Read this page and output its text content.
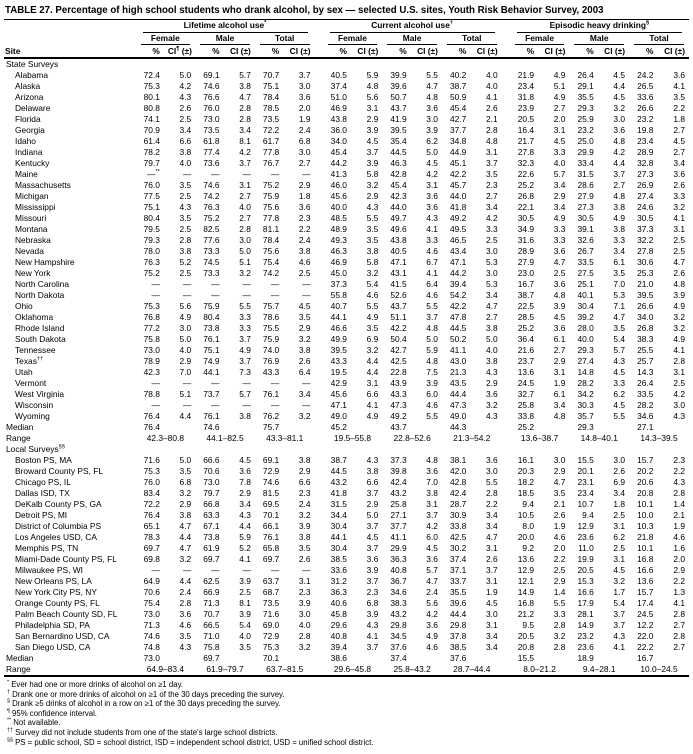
TABLE 27. Percentage of high school students who drank alcohol, by sex — selected U.S. sites, Youth Risk Behavior Survey, 2003

	Lifetime alcohol use*							Current alcohol use†							Episodic heavy drinking§

	Female		Male		Total			Female		Male		Total			Female		Male		Total	

Site	%	CI¶ (±)	%	CI (±)	%	CI (±)		%	CI (±)	%	CI (±)	%	CI (±)		%	CI (±)	%	CI (±)	%	CI (±)
State Surveys																				
Alabama	72.4	5.0	69.1	5.7	70.7	3.7		40.5	5.9	39.9	5.5	40.2	4.0		21.9	4.9	26.4	4.5	24.2	3.6
Alaska	75.3	4.2	74.6	3.8	75.1	3.0		37.4	4.8	39.6	4.7	38.7	4.0		23.4	5.1	29.1	4.4	26.5	4.1
Arizona	80.1	4.3	76.6	4.7	78.4	3.6		51.0	5.6	50.7	4.8	50.9	4.1		31.8	4.9	35.5	4.5	33.6	3.5
Delaware	80.8	2.6	76.0	2.8	78.5	2.0		46.9	3.1	43.7	3.6	45.4	2.6		23.9	2.7	29.3	3.2	26.6	2.2
Florida	74.1	2.5	73.0	2.8	73.5	1.9		43.8	2.9	41.9	3.0	42.7	2.1		20.5	2.0	25.9	3.0	23.2	1.8
Georgia	70.9	3.4	73.5	3.4	72.2	2.4		36.0	3.9	39.5	3.9	37.7	2.8		16.4	3.1	23.2	3.6	19.8	2.7
Idaho	61.4	6.6	61.8	8.1	61.7	6.8		34.0	4.5	35.4	6.2	34.8	4.8		21.7	4.5	25.0	4.8	23.4	4.5
Indiana	78.2	3.8	77.4	4.2	77.8	3.0		45.4	3.7	44.5	5.0	44.9	3.1		27.8	3.3	29.9	4.2	28.9	2.7
Kentucky	79.7	4.0	73.6	3.7	76.7	2.7		44.2	3.9	46.3	4.5	45.1	3.7		32.3	4.0	33.4	4.4	32.8	3.4
Maine	—**	—	—	—	—	—		41.3	5.8	42.8	4.2	42.2	3.5		22.6	5.7	31.5	3.7	27.3	3.6
Massachusetts	76.0	3.5	74.6	3.1	75.2	2.9		46.0	3.2	45.4	3.1	45.7	2.3		25.2	3.4	28.6	2.7	26.9	2.6
Michigan	77.5	2.5	74.2	2.7	75.9	1.8		45.6	2.9	42.3	3.6	44.0	2.7		26.8	2.9	27.9	4.8	27.4	3.3
Mississippi	75.1	4.3	76.3	4.0	75.6	3.6		40.0	4.3	44.0	3.6	41.8	3.4		22.1	3.4	27.3	3.8	24.6	3.2
Missouri	80.4	3.5	75.2	2.7	77.8	2.3		48.5	5.5	49.7	4.3	49.2	4.2		30.5	4.9	30.5	4.9	30.5	4.1
Montana	79.5	2.5	82.5	2.8	81.1	2.2		48.9	3.5	49.6	4.1	49.5	3.3		34.9	3.3	39.1	3.8	37.3	3.1
Nebraska	79.3	2.8	77.6	3.0	78.4	2.4		49.3	3.5	43.8	3.3	46.5	2.5		31.6	3.3	32.6	3.3	32.2	2.5
Nevada	78.0	3.8	73.3	5.0	75.6	3.8		46.3	3.8	40.5	4.6	43.4	3.0		28.9	3.6	26.7	3.4	27.8	2.5
New Hampshire	76.3	5.2	74.5	5.1	75.4	4.6		46.9	5.8	47.1	6.7	47.1	5.3		27.9	4.7	33.5	6.1	30.6	4.7
New York	75.2	2.5	73.3	3.2	74.2	2.5		45.0	3.2	43.1	4.1	44.2	3.0		23.0	2.5	27.5	3.5	25.3	2.6
North Carolina	—	—	—	—	—	—		37.3	5.4	41.5	6.4	39.4	5.3		16.7	3.6	25.1	7.0	21.0	4.8
North Dakota	—	—	—	—	—	—		55.8	4.6	52.6	4.6	54.2	3.4		38.7	4.8	40.1	5.3	39.5	3.9
Ohio	75.3	5.6	75.9	5.5	75.7	4.5		40.7	5.5	43.7	5.5	42.2	4.7		22.5	3.9	30.4	7.1	26.6	4.9
Oklahoma	76.8	4.9	80.4	3.3	78.6	3.5		44.1	4.9	51.1	3.7	47.8	2.7		28.5	4.5	39.2	4.7	34.0	3.2
Rhode Island	77.2	3.0	73.8	3.3	75.5	2.9		46.6	3.5	42.2	4.8	44.5	3.8		25.2	3.6	28.0	3.5	26.8	3.2
South Dakota	75.8	5.0	76.1	3.7	75.9	3.2		49.9	6.9	50.4	5.0	50.2	5.0		36.4	6.1	40.0	5.4	38.3	4.9
Tennessee	73.0	4.0	75.1	4.9	74.0	3.8		39.5	3.2	42.7	5.9	41.1	4.0		21.6	2.7	29.3	5.7	25.5	4.1
Texas††	78.9	2.9	74.9	3.7	76.9	2.6		43.3	4.4	42.5	4.8	43.0	3.8		23.7	2.9	27.4	4.3	25.7	2.8
Utah	42.3	7.0	44.1	7.3	43.3	6.4		19.5	4.4	22.8	7.5	21.3	4.3		13.6	3.1	14.8	4.5	14.3	3.1
Vermont	—	—	—	—	—	—		42.9	3.1	43.9	3.9	43.5	2.9		24.5	1.9	28.2	3.3	26.4	2.5
West Virginia	78.8	5.1	73.7	5.7	76.1	3.4		45.6	6.6	43.3	6.0	44.4	3.6		32.7	6.1	34.2	6.2	33.5	4.2
Wisconsin	—	—	—	—	—	—		47.1	4.1	47.3	4.6	47.3	3.2		25.8	3.4	30.3	4.5	28.2	3.0
Wyoming	76.4	4.4	76.1	3.8	76.2	3.2		49.0	4.9	49.2	5.5	49.0	4.3		33.8	4.8	35.7	5.5	34.6	4.3
Median	76.4		74.6		75.7			45.2		43.7		44.3			25.2		29.3		27.1	
Range	42.3–80.8		44.1–82.5		43.3–81.1			19.5–55.8		22.8–52.6		21.3–54.2			13.6–38.7		14.8–40.1		14.3–39.5	
Local Surveys§§
Boston PS, MA	71.6	5.0	66.6	4.5	69.1	3.8		38.7	4.3	37.3	4.8	38.1	3.6		16.1	3.0	15.5	3.0	15.7	2.3
Broward County PS, FL	75.3	3.5	70.6	3.6	72.9	2.9		44.5	3.8	39.8	3.6	42.0	3.0		20.3	2.9	20.1	2.6	20.2	2.2
Chicago PS, IL	76.0	6.8	73.0	7.8	74.6	6.6		43.2	6.6	42.4	7.0	42.8	5.5		18.2	4.7	23.1	6.9	20.6	4.3
Dallas ISD, TX	83.4	3.2	79.7	2.9	81.5	2.3		41.8	3.7	43.2	3.8	42.4	2.8		18.5	3.5	23.4	3.4	20.8	2.8
DeKalb County PS, GA	72.2	2.9	66.8	3.4	69.5	2.4		31.5	2.9	25.8	3.1	28.7	2.2		9.4	2.1	10.7	1.8	10.1	1.4
Detroit PS, MI	76.4	3.8	63.3	4.3	70.1	3.2		34.4	5.0	27.1	3.7	30.9	3.4		10.5	2.6	9.4	2.5	10.0	2.1
District of Columbia PS	65.1	4.7	67.1	4.4	66.1	3.9		30.4	3.7	37.7	4.2	33.8	3.4		8.0	1.9	12.9	3.1	10.3	1.9
Los Angeles USD, CA	78.3	4.4	73.8	5.9	76.1	3.8		44.1	4.5	41.1	6.0	42.5	4.7		20.0	4.6	23.6	6.2	21.8	4.6
Memphis PS, TN	69.7	4.7	61.9	5.2	65.8	3.5		30.4	3.7	29.9	4.5	30.2	3.1		9.2	2.0	11.0	2.5	10.1	1.6
Miami-Dade County PS, FL	69.8	3.2	69.7	4.1	69.7	2.6		38.5	3.6	36.3	3.6	37.4	2.6		13.6	2.2	19.9	3.1	16.8	2.0
Milwaukee PS, WI	—	—	—	—	—	—		33.6	3.9	40.8	5.7	37.1	3.7		12.9	2.5	20.5	4.5	16.6	2.9
New Orleans PS, LA	64.9	4.4	62.5	3.9	63.7	3.1		31.2	3.7	36.7	4.7	33.7	3.1		12.1	2.9	15.3	3.2	13.6	2.2
New York City PS, NY	70.6	2.4	66.9	2.5	68.7	2.3		36.3	2.3	34.6	2.4	35.5	1.9		14.9	1.4	16.6	1.7	15.7	1.3
Orange County PS, FL	75.4	2.8	71.3	8.1	73.5	3.9		40.6	6.8	38.3	5.6	39.6	4.5		16.8	5.5	17.9	5.4	17.4	4.1
Palm Beach County SD, FL	73.0	3.6	70.7	3.9	71.6	3.0		45.8	3.9	43.2	4.2	44.4	3.0		21.2	3.3	28.1	3.7	24.5	2.8
Philadelphia SD, PA	71.3	4.6	66.5	5.4	69.0	4.0		29.6	4.3	29.8	3.6	29.8	3.1		9.5	2.8	14.9	3.7	12.2	2.7
San Bernardino USD, CA	74.6	3.5	71.0	4.0	72.9	2.8		40.8	4.1	34.5	4.9	37.8	3.4		20.5	3.2	23.2	4.3	22.0	2.8
San Diego USD, CA	74.8	4.3	75.8	3.5	75.3	3.2		39.4	3.7	37.6	4.6	38.5	3.4		20.8	2.8	23.6	4.1	22.2	2.7
Median	73.0		69.7		70.1			38.6		37.4		37.6			15.5		18.9		16.7	
Range	64.9–83.4		61.9–79.7		63.7–81.5			29.6–45.8		25.8–43.2		28.7–44.4			8.0–21.2		9.4–28.1		10.0–24.5	
* Ever had one or more drinks of alcohol on ≥1 day.
† Drank one or more drinks of alcohol on ≥1 of the 30 days preceding the survey.
§ Drank ≥5 drinks of alcohol in a row on ≥1 of the 30 days preceding the survey.
¶ 95% confidence interval.
** Not available.
†† Survey did not include students from one of the state's large school districts.
§§ PS = public school, SD = school district, ISD = independent school district, USD = unified school district.
